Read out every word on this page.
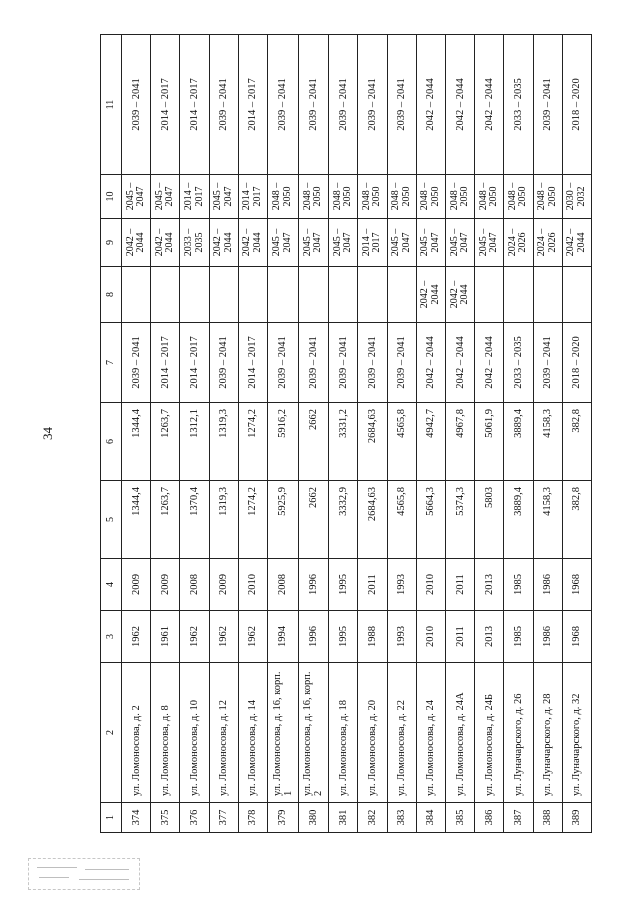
34
1	2	3	4	5	6	7	8	9	10	11
374	ул. Ломоносова, д. 2	1962	2009	1344,4	1344,4	2039 – 2041		2042 – 2044	2045 – 2047	2039 – 2041
375	ул. Ломоносова, д. 8	1961	2009	1263,7	1263,7	2014 – 2017		2042 – 2044	2045 – 2047	2014 – 2017
376	ул. Ломоносова, д. 10	1962	2008	1370,4	1312,1	2014 – 2017		2033 – 2035	2014 – 2017	2014 – 2017
377	ул. Ломоносова, д. 12	1962	2009	1319,3	1319,3	2039 – 2041		2042 – 2044	2045 – 2047	2039 – 2041
378	ул. Ломоносова, д. 14	1962	2010	1274,2	1274,2	2014 – 2017		2042 – 2044	2014 – 2017	2014 – 2017
379	ул. Ломоносова, д. 16, корп. 1	1994	2008	5925,9	5916,2	2039 – 2041		2045 – 2047	2048 – 2050	2039 – 2041
380	ул. Ломоносова, д. 16, корп. 2	1996	1996	2662	2662	2039 – 2041		2045 – 2047	2048 – 2050	2039 – 2041
381	ул. Ломоносова, д. 18	1995	1995	3332,9	3331,2	2039 – 2041		2045 – 2047	2048 – 2050	2039 – 2041
382	ул. Ломоносова, д. 20	1988	2011	2684,63	2684,63	2039 – 2041		2014 – 2017	2048 – 2050	2039 – 2041
383	ул. Ломоносова, д. 22	1993	1993	4565,8	4565,8	2039 – 2041		2045 – 2047	2048 – 2050	2039 – 2041
384	ул. Ломоносова, д. 24	2010	2010	5664,3	4942,7	2042 – 2044	2042 – 2044	2045 – 2047	2048 – 2050	2042 – 2044
385	ул. Ломоносова, д. 24А	2011	2011	5374,3	4967,8	2042 – 2044	2042 – 2044	2045 – 2047	2048 – 2050	2042 – 2044
386	ул. Ломоносова, д. 24Б	2013	2013	5803	5061,9	2042 – 2044		2045 – 2047	2048 – 2050	2042 – 2044
387	ул. Луначарского, д. 26	1985	1985	3889,4	3889,4	2033 – 2035		2024 – 2026	2048 – 2050	2033 – 2035
388	ул. Луначарского, д. 28	1986	1986	4158,3	4158,3	2039 – 2041		2024 – 2026	2048 – 2050	2039 – 2041
389	ул. Луначарского, д. 32	1968	1968	382,8	382,8	2018 – 2020		2042 – 2044	2030 – 2032	2018 – 2020
